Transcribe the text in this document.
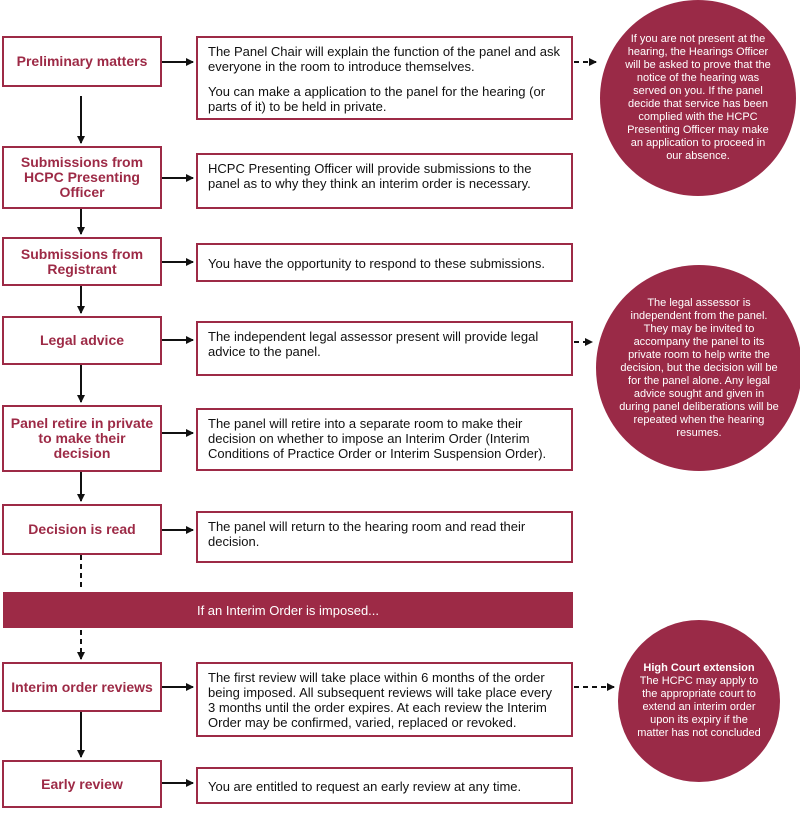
Preliminary matters
Submissions from HCPC Presenting Officer
Submissions from Registrant
Legal advice
Panel retire in private to make their decision
Decision is read
Interim order reviews
Early review

The Panel Chair will explain the function of the panel and ask everyone in the room to introduce themselves.

You can make a application to the panel for the hearing (or parts of it) to be held in private.

HCPC Presenting Officer will provide submissions to the panel as to why they think an interim order is necessary.

You have the opportunity to respond to these submissions.

The independent legal assessor present will provide legal advice to the panel.

The panel will retire into a separate room to make their decision on whether to impose an Interim Order (Interim Conditions of Practice Order or Interim Suspension Order).

The panel will return to the hearing room and read their decision.

The first review will take place within 6 months of the order being imposed. All subsequent reviews will take place every 3 months until the order expires. At each review the Interim Order may be confirmed, varied, replaced or revoked.

You are entitled to request an early review at any time.

If an Interim Order is imposed...
If you are not present at the hearing, the Hearings Officer will be asked to prove that the notice of the hearing was served on you. If the panel decide that service has been complied with the HCPC Presenting Officer may make an application to proceed in our absence.
The legal assessor is independent from the panel. They may be invited to accompany the panel to its private room to help write the decision, but the decision will be for the panel alone. Any legal advice sought and given in during panel deliberations will be repeated when the hearing resumes.
High Court extension
The HCPC may apply to the appropriate court to extend an interim order upon its expiry if the matter has not concluded
